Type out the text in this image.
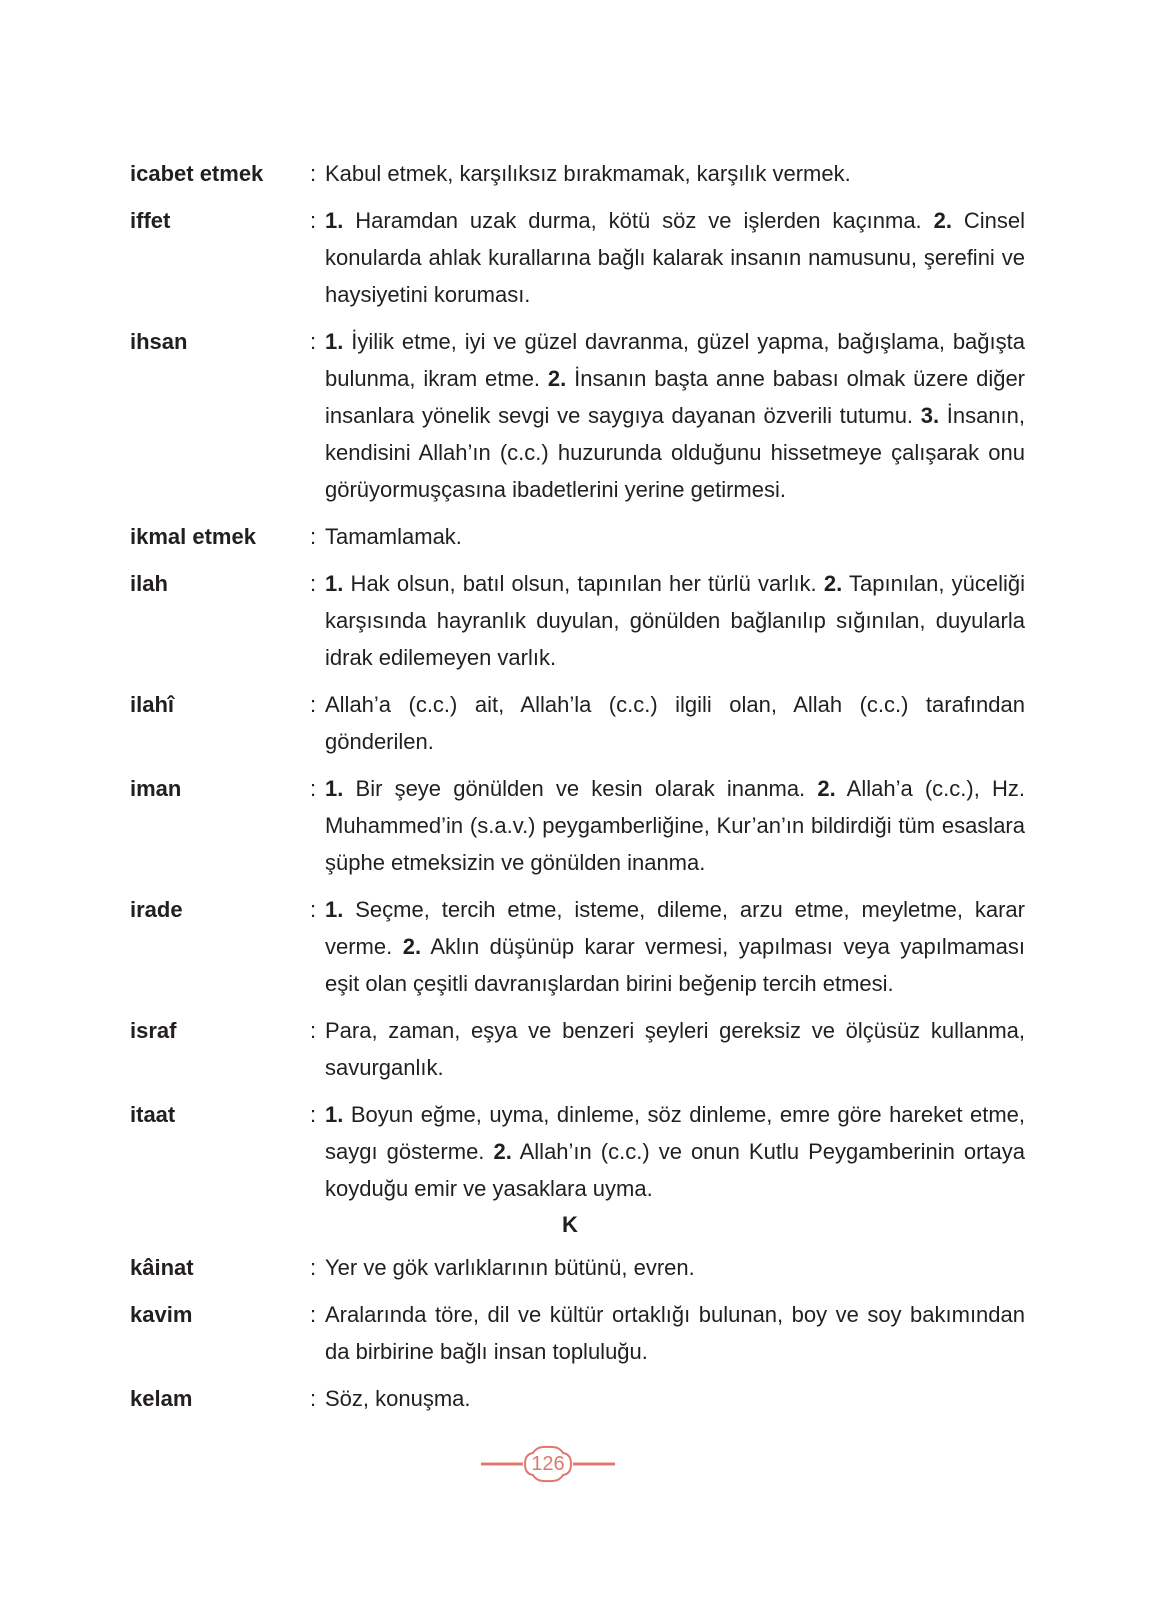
icabet etmek	: Kabul etmek, karşılıksız bırakmamak, karşılık vermek.
iffet	: 1. Haramdan uzak durma, kötü söz ve işlerden kaçınma. 2. Cinsel konularda ahlak kurallarına bağlı kalarak insanın namusunu, şerefini ve haysiyetini koruması.
ihsan	: 1. İyilik etme, iyi ve güzel davranma, güzel yapma, bağışlama, bağışta bulunma, ikram etme. 2. İnsanın başta anne babası olmak üzere diğer insanlara yönelik sevgi ve saygıya dayanan özverili tutumu. 3. İnsanın, kendisini Allah’ın (c.c.) huzurunda olduğunu hissetmeye çalışarak onu görüyormuşçasına ibadetlerini yerine getirmesi.
ikmal etmek	: Tamamlamak.
ilah	: 1. Hak olsun, batıl olsun, tapınılan her türlü varlık. 2. Tapınılan, yüceliği karşısında hayranlık duyulan, gönülden bağlanılıp sığınılan, duyularla idrak edilemeyen varlık.
ilahî	: Allah’a (c.c.) ait, Allah’la (c.c.) ilgili olan, Allah (c.c.) tarafından gönderilen.
iman	: 1. Bir şeye gönülden ve kesin olarak inanma. 2. Allah’a (c.c.), Hz. Muhammed’in (s.a.v.) peygamberliğine, Kur’an’ın bildirdiği tüm esaslara şüphe etmeksizin ve gönülden inanma.
irade	: 1. Seçme, tercih etme, isteme, dileme, arzu etme, meyletme, karar verme. 2. Aklın düşünüp karar vermesi, yapılması veya yapılmaması eşit olan çeşitli davranışlardan birini beğenip tercih etmesi.
israf	: Para, zaman, eşya ve benzeri şeyleri gereksiz ve ölçüsüz kullanma, savurganlık.
itaat	: 1. Boyun eğme, uyma, dinleme, söz dinleme, emre göre hareket etme, saygı gösterme. 2. Allah’ın (c.c.) ve onun Kutlu Peygamberinin ortaya koyduğu emir ve yasaklara uyma.
K
kâinat	: Yer ve gök varlıklarının bütünü, evren.
kavim	: Aralarında töre, dil ve kültür ortaklığı bulunan, boy ve soy bakımından da birbirine bağlı insan topluluğu.
kelam	: Söz, konuşma.
126
